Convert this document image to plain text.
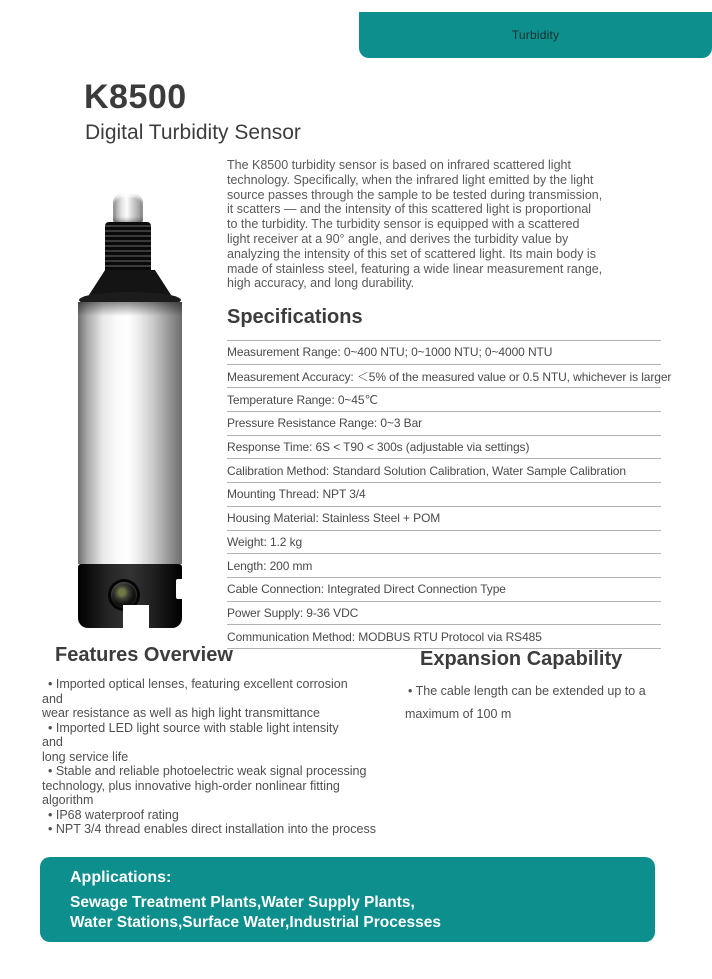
Turbidity
K8500
Digital Turbidity Sensor
The K8500 turbidity sensor is based on infrared scattered light
technology. Specifically, when the infrared light emitted by the light
source passes through the sample to be tested during transmission,
it scatters — and the intensity of this scattered light is proportional
to the turbidity. The turbidity sensor is equipped with a scattered
light receiver at a 90° angle, and derives the turbidity value by
analyzing the intensity of this set of scattered light. Its main body is
made of stainless steel, featuring a wide linear measurement range,
high accuracy, and long durability.
Specifications
Measurement Range: 0~400 NTU; 0~1000 NTU; 0~4000 NTU
Measurement Accuracy: ＜5% of the measured value or 0.5 NTU, whichever is larger
Temperature Range: 0~45℃
Pressure Resistance Range: 0~3 Bar
Response Time: 6S < T90 < 300s (adjustable via settings)
Calibration Method: Standard Solution Calibration, Water Sample Calibration
Mounting Thread: NPT 3/4
Housing Material: Stainless Steel + POM
Weight: 1.2 kg
Length: 200 mm
Cable Connection: Integrated Direct Connection Type
Power Supply: 9-36 VDC
Communication Method: MODBUS RTU Protocol via RS485
Features Overview
• Imported optical lenses, featuring excellent corrosion
and
wear resistance as well as high light transmittance
• Imported LED light source with stable light intensity
and
long service life
• Stable and reliable photoelectric weak signal processing
technology, plus innovative high-order nonlinear fitting
algorithm
• IP68 waterproof rating
• NPT 3/4 thread enables direct installation into the process
Expansion Capability
• The cable length can be extended up to a
maximum of 100 m
Applications:
Sewage Treatment Plants,Water Supply Plants,
Water Stations,Surface Water,Industrial Processes
